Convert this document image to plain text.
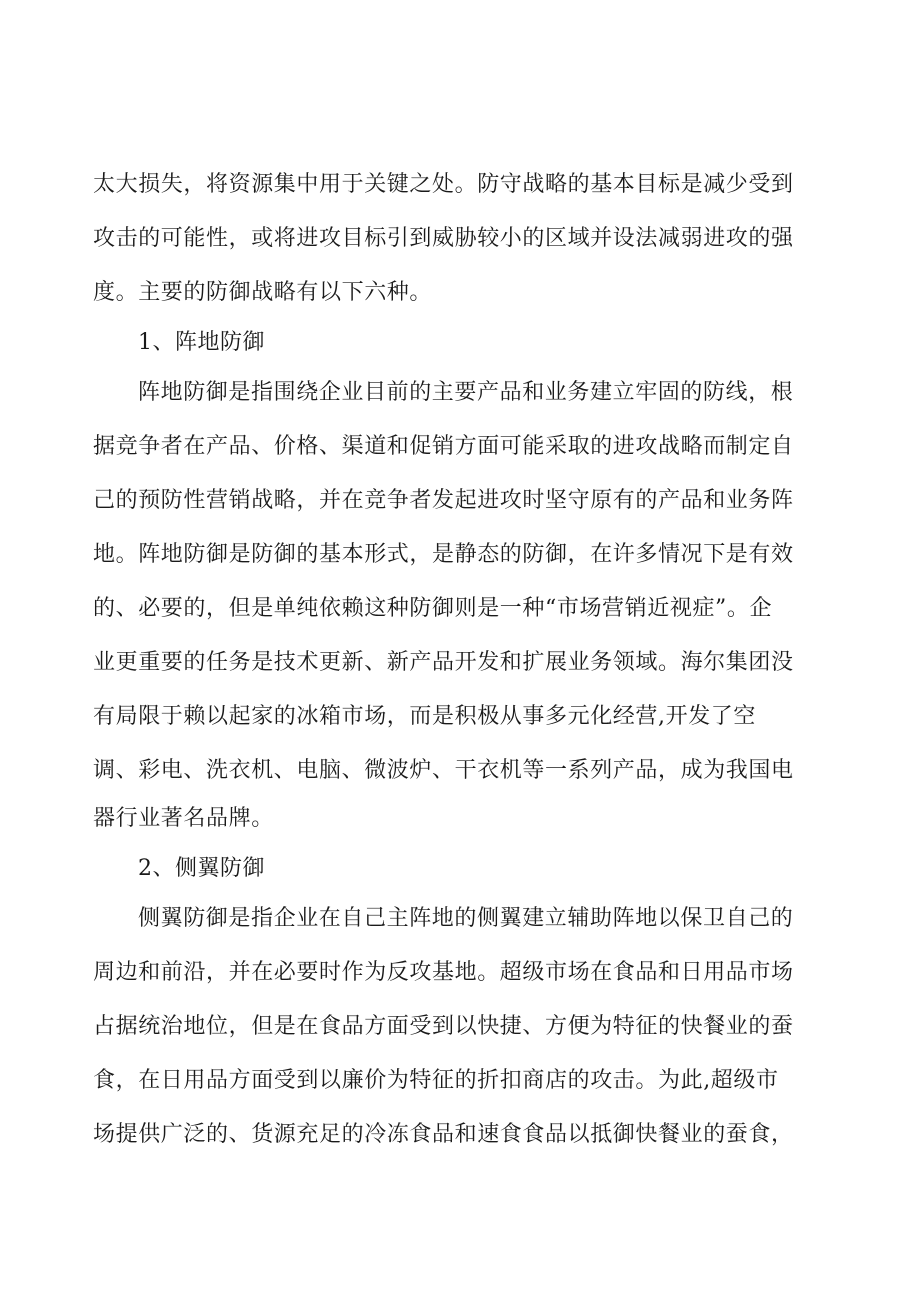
太大损失，将资源集中用于关键之处。防守战略的基本目标是减少受到
攻击的可能性，或将进攻目标引到威胁较小的区域并设法减弱进攻的强
度。主要的防御战略有以下六种。
1、阵地防御
阵地防御是指围绕企业目前的主要产品和业务建立牢固的防线，根
据竞争者在产品、价格、渠道和促销方面可能采取的进攻战略而制定自
己的预防性营销战略，并在竞争者发起进攻时坚守原有的产品和业务阵
地。阵地防御是防御的基本形式，是静态的防御，在许多情况下是有效
的、必要的，但是单纯依赖这种防御则是一种“市场营销近视症”。企
业更重要的任务是技术更新、新产品开发和扩展业务领域。海尔集团没
有局限于赖以起家的冰箱市场，而是积极从事多元化经营,开发了空
调、彩电、洗衣机、电脑、微波炉、干衣机等一系列产品，成为我国电
器行业著名品牌。
2、侧翼防御
侧翼防御是指企业在自己主阵地的侧翼建立辅助阵地以保卫自己的
周边和前沿，并在必要时作为反攻基地。超级市场在食品和日用品市场
占据统治地位，但是在食品方面受到以快捷、方便为特征的快餐业的蚕
食，在日用品方面受到以廉价为特征的折扣商店的攻击。为此,超级市
场提供广泛的、货源充足的冷冻食品和速食食品以抵御快餐业的蚕食，
